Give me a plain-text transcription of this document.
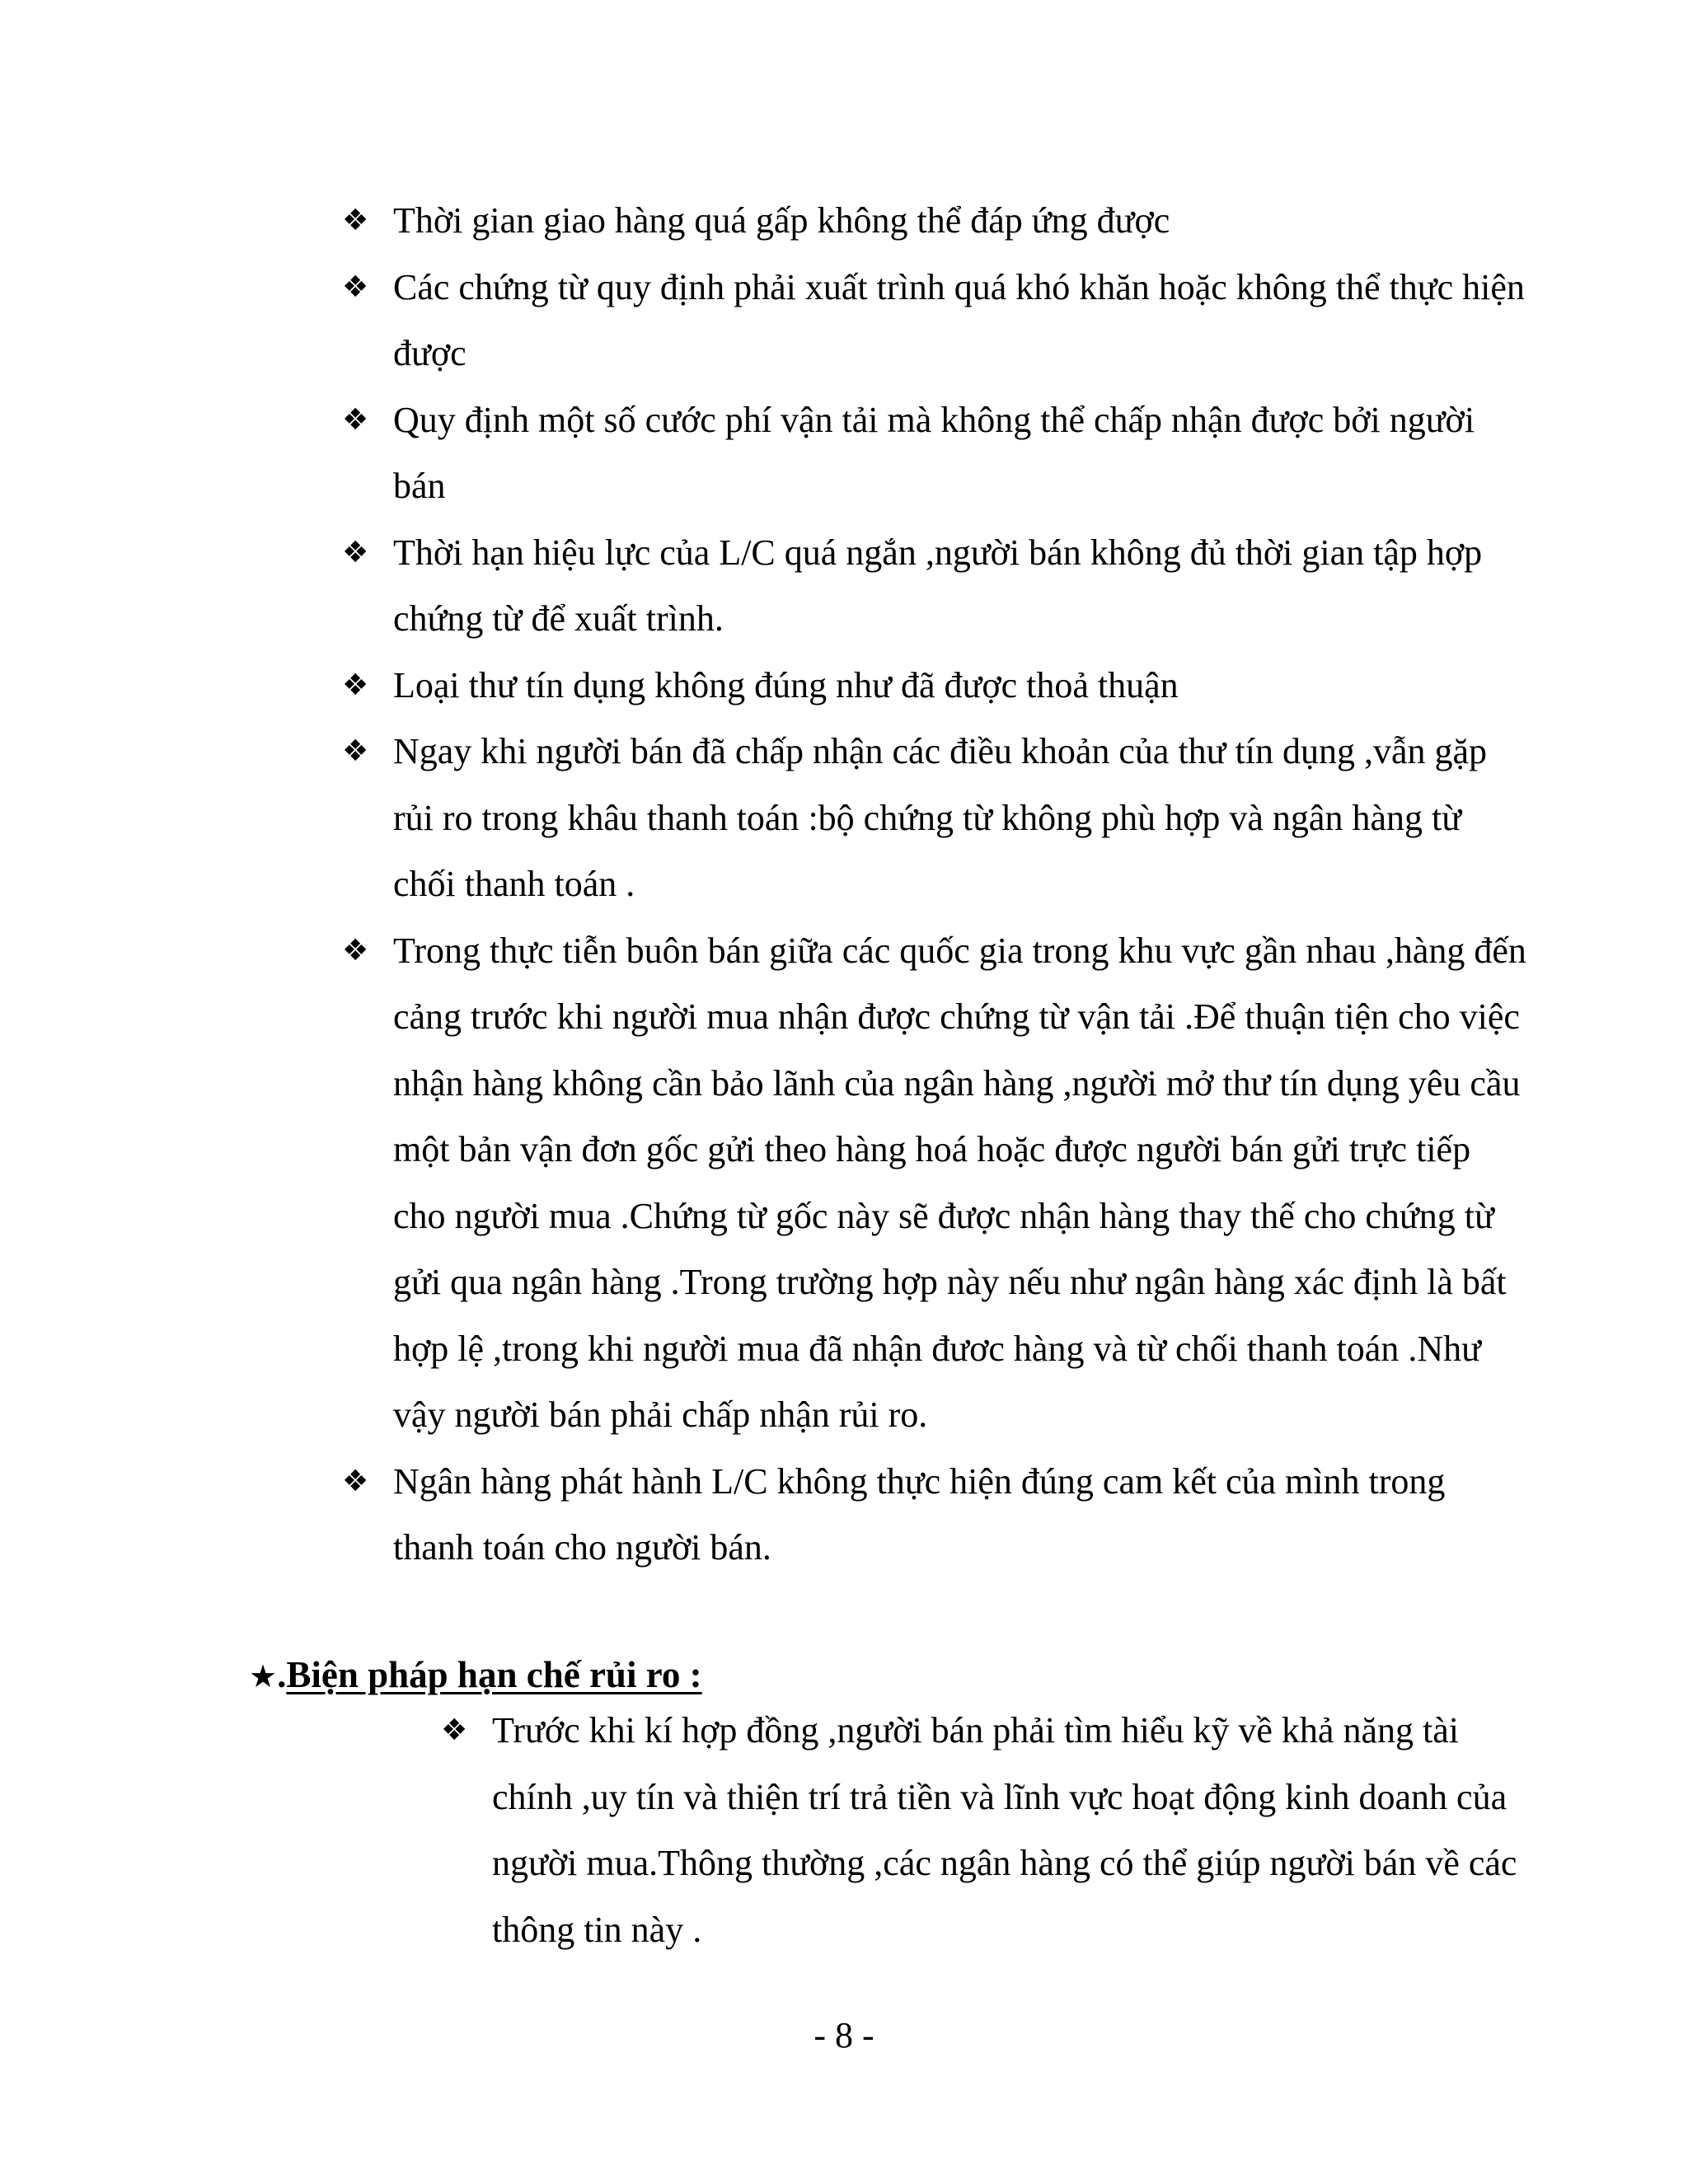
❖ Thời gian giao hàng quá gấp không thể đáp ứng được
❖ Các chứng từ quy định phải xuất trình quá khó khăn hoặc không thể thực hiện được
❖ Quy định một số cước phí vận tải mà không thể chấp nhận được bởi người bán
❖ Thời hạn hiệu lực của L/C quá ngắn ,người bán không đủ thời gian tập hợp chứng từ để xuất trình.
❖ Loại thư tín dụng không đúng như đã được thoả thuận
❖ Ngay khi người bán đã chấp nhận các điều khoản của thư tín dụng ,vẫn gặp rủi ro trong khâu thanh toán :bộ chứng từ không phù hợp và ngân hàng từ chối thanh toán .
❖ Trong thực tiễn buôn bán giữa các quốc gia trong khu vực gần nhau ,hàng đến cảng trước khi người mua nhận được chứng từ vận tải .Để thuận tiện cho việc nhận hàng không cần bảo lãnh của ngân hàng ,người mở thư tín dụng yêu cầu một bản vận đơn gốc gửi theo hàng hoá hoặc được người bán gửi trực tiếp cho người mua .Chứng từ gốc này sẽ được nhận hàng thay thế cho chứng từ gửi qua ngân hàng .Trong trường hợp này nếu như ngân hàng xác định là bất hợp lệ ,trong khi người mua đã nhận đươc hàng và từ chối thanh toán .Như vậy người bán phải chấp nhận rủi ro.
❖ Ngân hàng phát hành L/C không thực hiện đúng cam kết của mình trong thanh toán cho người bán.
★.Biện pháp hạn chế rủi ro :
❖ Trước khi kí hợp đồng ,người bán phải tìm hiểu kỹ về khả năng tài chính ,uy tín và thiện trí trả tiền và lĩnh vực hoạt động kinh doanh của người mua.Thông thường ,các ngân hàng có thể giúp người bán về các thông tin này .
- 8 -
